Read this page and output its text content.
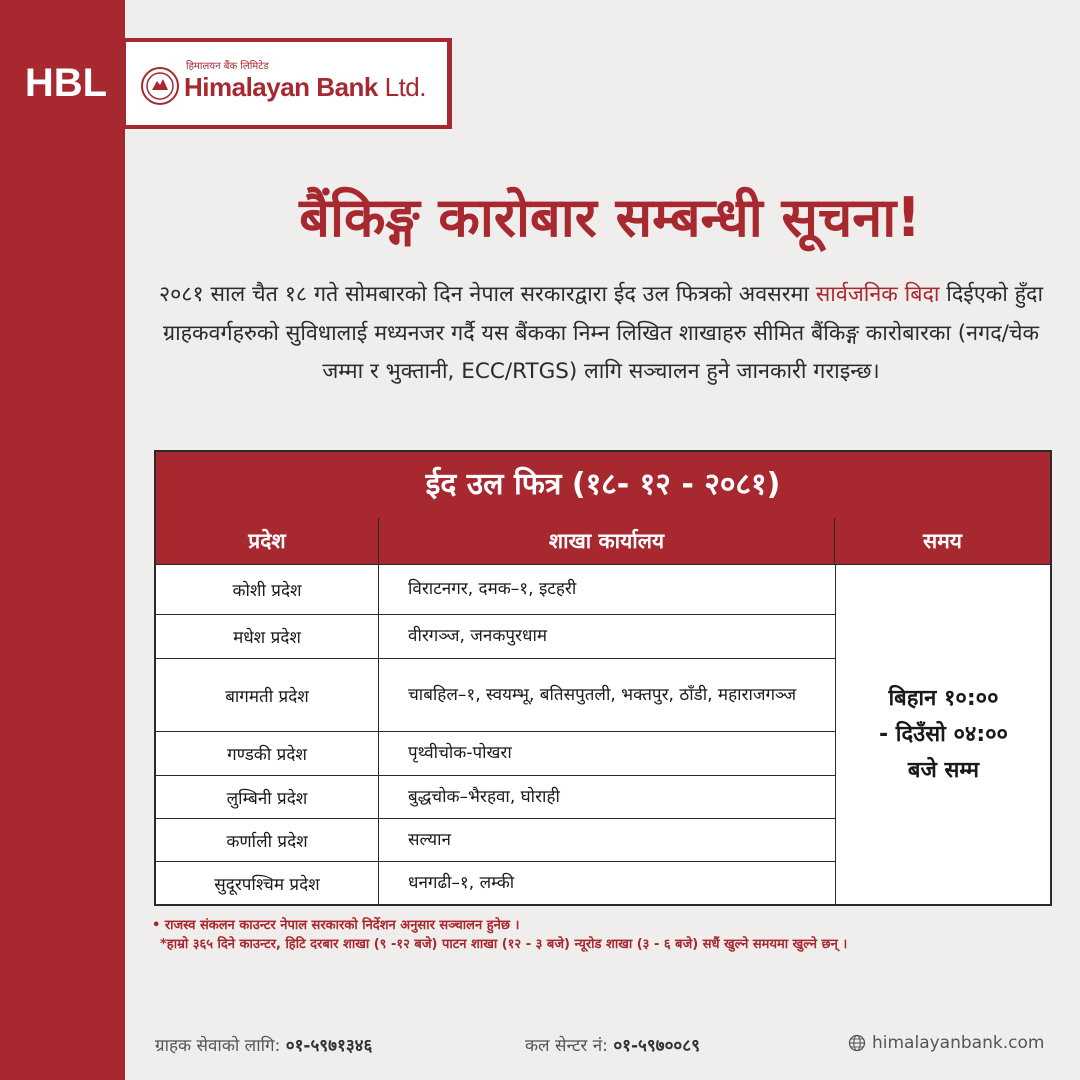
HBL	हिमालयन बैंक लिमिटेड
Himalayan Bank Ltd.
बैंकिङ्ग कारोबार सम्बन्धी सूचना!
२०८१ साल चैत १८ गते सोमबारको दिन नेपाल सरकारद्वारा ईद उल फित्रको अवसरमा सार्वजनिक बिदा दिईएको हुँदा ग्राहकवर्गहरुको सुविधालाई मध्यनजर गर्दै यस बैंकका निम्न लिखित शाखाहरु सीमित बैंकिङ्ग कारोबारका (नगद/चेक जम्मा र भुक्तानी, ECC/RTGS) लागि सञ्चालन हुने जानकारी गराइन्छ।
ईद उल फित्र (१८- १२ - २०८१)
प्रदेश	शाखा कार्यालय	समय
कोशी प्रदेश	विराटनगर, दमक–१, इटहरी
मधेश प्रदेश	वीरगञ्ज, जनकपुरधाम
बागमती प्रदेश	चाबहिल–१, स्वयम्भू, बतिसपुतली, भक्तपुर, ठाँडी, महाराजगञ्ज
गण्डकी प्रदेश	पृथ्वीचोक-पोखरा
लुम्बिनी प्रदेश	बुद्धचोक–भैरहवा, घोराही
कर्णाली प्रदेश	सल्यान
सुदूरपश्चिम प्रदेश	धनगढी–१, लम्की
बिहान १०:००
- दिउँसो ०४:००
बजे सम्म
• राजस्व संकलन काउन्टर नेपाल सरकारको निर्देशन अनुसार सञ्चालन हुनेछ ।
*हाम्रो ३६५ दिने काउन्टर, हिटि दरबार शाखा (९ -१२ बजे) पाटन शाखा (१२ - ३ बजे) न्यूरोड शाखा (३ - ६ बजे) सधैं खुल्ने समयमा खुल्ने छन् ।
ग्राहक सेवाको लागि: ०१-५९७१३४६	कल सेन्टर नं: ०१-५९७००८९	himalayanbank.com
